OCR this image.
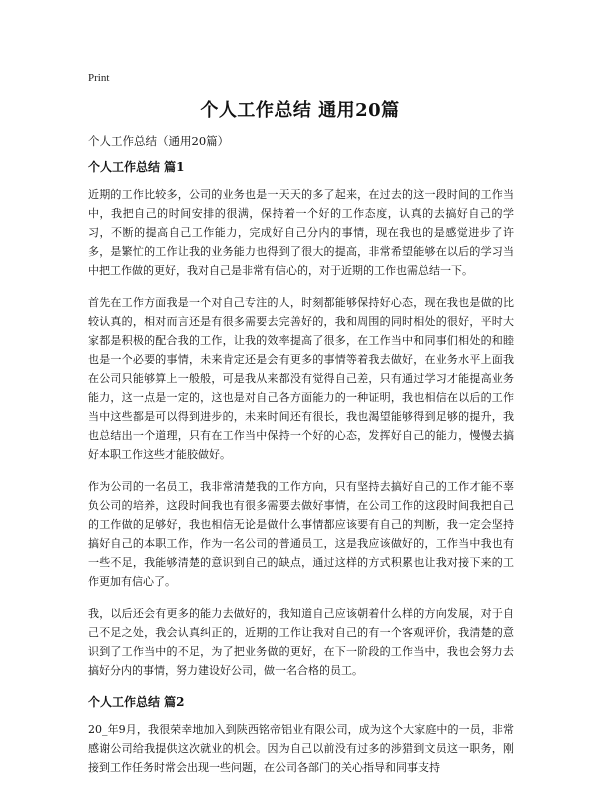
Print
个人工作总结 通用20篇
个人工作总结（通用20篇）
个人工作总结 篇1

近期的工作比较多，公司的业务也是一天天的多了起来，在过去的这一段时间的工作当中，我把自己的时间安排的很满，保持着一个好的工作态度，认真的去搞好自己的学习，不断的提高自己工作能力，完成好自己分内的事情，现在我也的是感觉进步了许多，是繁忙的工作让我的业务能力也得到了很大的提高，非常希望能够在以后的学习当中把工作做的更好，我对自己是非常有信心的，对于近期的工作也需总结一下。

首先在工作方面我是一个对自己专注的人，时刻都能够保持好心态，现在我也是做的比较认真的，相对而言还是有很多需要去完善好的，我和周围的同时相处的很好，平时大家都是积极的配合我的工作，让我的效率提高了很多，在工作当中和同事们相处的和睦也是一个必要的事情，未来肯定还是会有更多的事情等着我去做好，在业务水平上面我在公司只能够算上一般般，可是我从来都没有觉得自己差，只有通过学习才能提高业务能力，这一点是一定的，这也是对自己各方面能力的一种证明，我也相信在以后的工作当中这些都是可以得到进步的，未来时间还有很长，我也渴望能够得到足够的提升，我也总结出一个道理，只有在工作当中保持一个好的心态，发挥好自己的能力，慢慢去搞好本职工作这些才能胶做好。

作为公司的一名员工，我非常清楚我的工作方向，只有坚持去搞好自己的工作才能不辜负公司的培养，这段时间我也有很多需要去做好事情，在公司工作的这段时间我把自己的工作做的足够好，我也相信无论是做什么事情都应该要有自己的判断，我一定会坚持搞好自己的本职工作，作为一名公司的普通员工，这是我应该做好的，工作当中我也有一些不足，我能够清楚的意识到自己的缺点，通过这样的方式积累也让我对接下来的工作更加有信心了。

我，以后还会有更多的能力去做好的，我知道自己应该朝着什么样的方向发展，对于自己不足之处，我会认真纠正的，近期的工作让我对自己的有一个客观评价，我清楚的意识到了工作当中的不足，为了把业务做的更好，在下一阶段的工作当中，我也会努力去搞好分内的事情，努力建设好公司，做一名合格的员工。

个人工作总结 篇2

20_年9月，我很荣幸地加入到陕西铭帝铝业有限公司，成为这个大家庭中的一员，非常感谢公司给我提供这次就业的机会。因为自己以前没有过多的涉猎到文员这一职务，刚接到工作任务时常会出现一些问题，在公司各部门的关心指导和同事支持
